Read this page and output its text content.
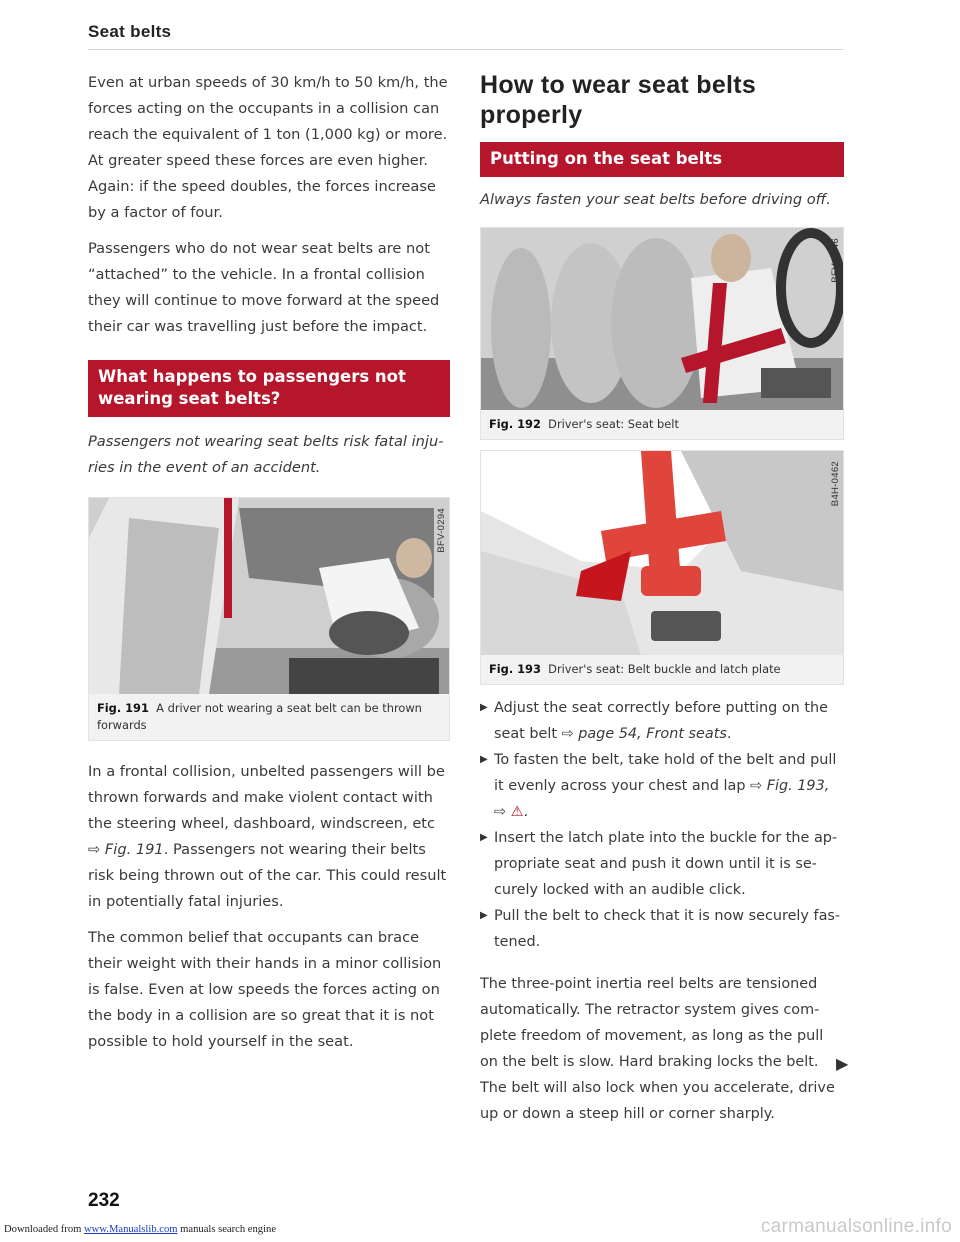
Seat belts

Even at urban speeds of 30 km/h to 50 km/h, the forces acting on the occupants in a collision can reach the equivalent of 1 ton (1,000 kg) or more. At greater speed these forces are even higher. Again: if the speed doubles, the forces increase by a factor of four.

Passengers who do not wear seat belts are not “attached” to the vehicle. In a frontal collision they will continue to move forward at the speed their car was travelling just before the impact.

What happens to passengers not wearing seat belts?

Passengers not wearing seat belts risk fatal injuries in the event of an accident.

BFV-0294
Fig. 191 A driver not wearing a seat belt can be thrown forwards

In a frontal collision, unbelted passengers will be thrown forwards and make violent contact with the steering wheel, dashboard, windscreen, etc ⇨ Fig. 191. Passengers not wearing their belts risk being thrown out of the car. This could result in potentially fatal injuries.

The common belief that occupants can brace their weight with their hands in a minor collision is false. Even at low speeds the forces acting on the body in a collision are so great that it is not possible to hold yourself in the seat.

How to wear seat belts properly
Putting on the seat belts

Always fasten your seat belts before driving off.

BFV-0146
Fig. 192 Driver's seat: Seat belt
B4H-0462
Fig. 193 Driver's seat: Belt buckle and latch plate
▶ Adjust the seat correctly before putting on the seat belt ⇨ page 54, Front seats.
▶ To fasten the belt, take hold of the belt and pull it evenly across your chest and lap ⇨ Fig. 193, ⇨ ⚠.
▶ Insert the latch plate into the buckle for the appropriate seat and push it down until it is securely locked with an audible click.
▶ Pull the belt to check that it is now securely fastened.

The three-point inertia reel belts are tensioned automatically. The retractor system gives complete freedom of movement, as long as the pull on the belt is slow. Hard braking locks the belt. The belt will also lock when you accelerate, drive up or down a steep hill or corner sharply.

▶
232
Downloaded from www.Manualslib.com manuals search engine	carmanualsonline.info
